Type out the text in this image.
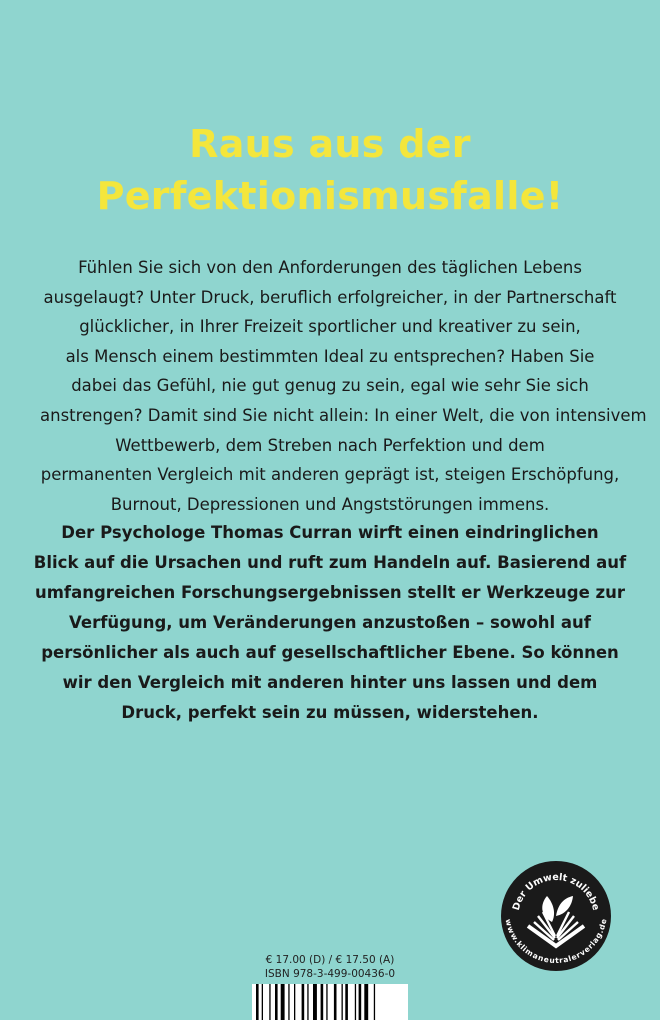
Raus aus der
Perfektionismusfalle!
Fühlen Sie sich von den Anforderungen des täglichen Lebens
ausgelaugt? Unter Druck, beruflich erfolgreicher, in der Partnerschaft
glücklicher, in Ihrer Freizeit sportlicher und kreativer zu sein,
als Mensch einem bestimmten Ideal zu entsprechen? Haben Sie
dabei das Gefühl, nie gut genug zu sein, egal wie sehr Sie sich
anstrengen? Damit sind Sie nicht allein: In einer Welt, die von intensivem
Wettbewerb, dem Streben nach Perfektion und dem
permanenten Vergleich mit anderen geprägt ist, steigen Erschöpfung,
Burnout, Depressionen und Angststörungen immens.
Der Psychologe Thomas Curran wirft einen eindringlichen
Blick auf die Ursachen und ruft zum Handeln auf. Basierend auf
umfangreichen Forschungsergebnissen stellt er Werkzeuge zur
Verfügung, um Veränderungen anzustoßen – sowohl auf
persönlicher als auch auf gesellschaftlicher Ebene. So können
wir den Vergleich mit anderen hinter uns lassen und dem
Druck, perfekt sein zu müssen, widerstehen.
Der Umwelt zuliebe
www.klimaneutralerverlag.de
€ 17.00 (D) / € 17.50 (A)
ISBN 978-3-499-00436-0
